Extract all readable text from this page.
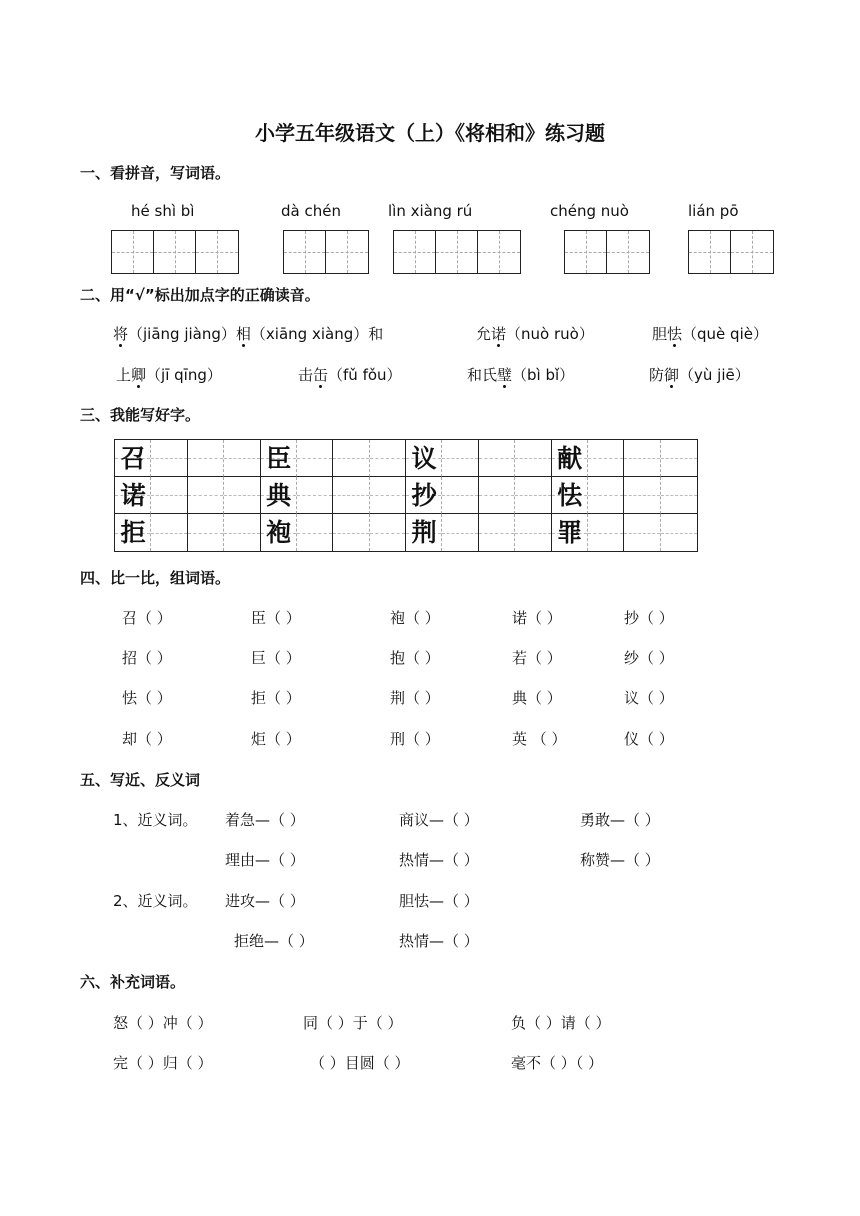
小学五年级语文（上）《将相和》练习题
一、看拼音，写词语。
hé shì bì	dà chén	lìn xiàng rú	chéng nuò	lián pō
二、用“√”标出加点字的正确读音。
将（jiāng jiàng）相（xiāng xiàng）和	允诺（nuò ruò）	胆怯（què qiè）
上卿（jī qīng）	击缶（fǔ fǒu）	和氏璧（bì bǐ）	防御（yù jiē）
三、我能写好字。
召	臣	议	献
诺	典	抄	怯
拒	袍	荆	罪
四、比一比，组词语。
召（ ）	臣（ ）	袍（ ）	诺（ ）	抄（ ）
招（ ）	巨（ ）	抱（ ）	若（ ）	纱（ ）
怯（ ）	拒（ ）	荆（ ）	典（ ）	议（ ）
却（ ）	炬（ ）	刑（ ）	英 （ ）	仪（ ）
五、写近、反义词
1、近义词。 着急—（ ）	商议—（ ）	勇敢—（ ）
理由—（ ）	热情—（ ）	称赞—（ ）
2、近义词。 进攻—（ ）	胆怯—（ ）
拒绝—（ ）	热情—（ ）
六、补充词语。
怒（ ）冲（ ）	同（ ）于（ ）	负（ ）请（ ）
完（ ）归（ ）	（ ）目圆（ ）	毫不（ ）（ ）
